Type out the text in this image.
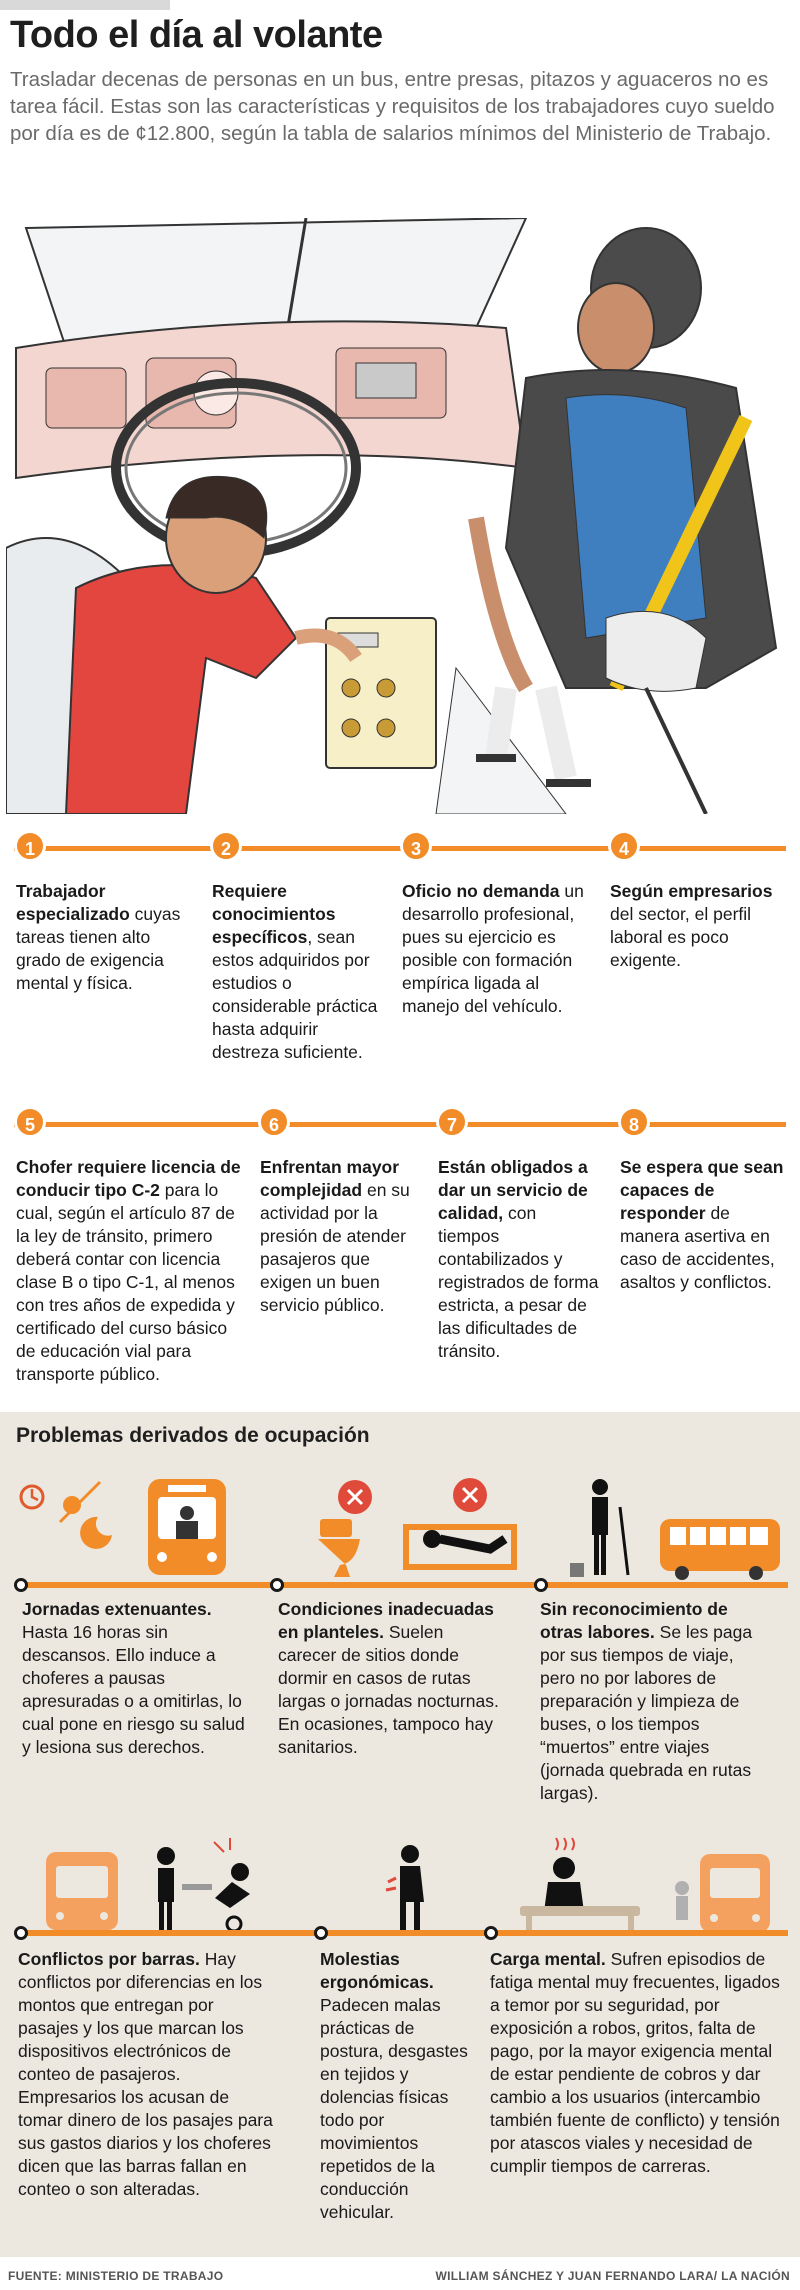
Todo el día al volante

Trasladar decenas de personas en un bus, entre presas, pitazos y aguaceros no es tarea fácil. Estas son las características y requisitos de los trabajadores cuyo sueldo por día es de ¢12.800, según la tabla de salarios mínimos del Ministerio de Trabajo.

1
Trabajador especializado cuyas tareas tienen alto grado de exigencia mental y física.
2
Requiere conocimientos específicos, sean estos adquiridos por estudios o considerable práctica hasta adquirir destreza suficiente.
3
Oficio no demanda un desarrollo profesional, pues su ejercicio es posible con formación empírica ligada al manejo del vehículo.
4
Según empresarios del sector, el perfil laboral es poco exigente.
5
Chofer requiere licencia de conducir tipo C-2 para lo cual, según el artículo 87 de la ley de tránsito, primero deberá contar con licencia clase B o tipo C-1, al menos con tres años de expedida y certificado del curso básico de educación vial para transporte público.
6
Enfrentan mayor complejidad en su actividad por la presión de atender pasajeros que exigen un buen servicio público.
7
Están obligados a dar un servicio de calidad, con tiempos contabilizados y registrados de forma estricta, a pesar de las dificultades de tránsito.
8
Se espera que sean capaces de responder de manera asertiva en caso de accidentes, asaltos y conflictos.
Problemas derivados de ocupación
Jornadas extenuantes. Hasta 16 horas sin descansos. Ello induce a choferes a pausas apresuradas o a omitirlas, lo cual pone en riesgo su salud y lesiona sus derechos.
Condiciones inadecuadas en planteles. Suelen carecer de sitios donde dormir en casos de rutas largas o jornadas nocturnas. En ocasiones, tampoco hay sanitarios.
Sin reconocimiento de otras labores. Se les paga por sus tiempos de viaje, pero no por labores de preparación y limpieza de buses, o los tiempos “muertos” entre viajes (jornada quebrada en rutas largas).
Conflictos por barras. Hay conflictos por diferencias en los montos que entregan por pasajes y los que marcan los dispositivos electrónicos de conteo de pasajeros. Empresarios los acusan de tomar dinero de los pasajes para sus gastos diarios y los choferes dicen que las barras fallan en conteo o son alteradas.
Molestias ergonómicas. Padecen malas prácticas de postura, desgastes en tejidos y dolencias físicas todo por movimientos repetidos de la conducción vehicular.
Carga mental. Sufren episodios de fatiga mental muy frecuentes, ligados a temor por su seguridad, por exposición a robos, gritos, falta de pago, por la mayor exigencia mental de estar pendiente de cobros y dar cambio a los usuarios (intercambio también fuente de conflicto) y tensión por atascos viales y necesidad de cumplir tiempos de carreras.
FUENTE: MINISTERIO DE TRABAJO	WILLIAM SÁNCHEZ Y JUAN FERNANDO LARA/ LA NACIÓN
